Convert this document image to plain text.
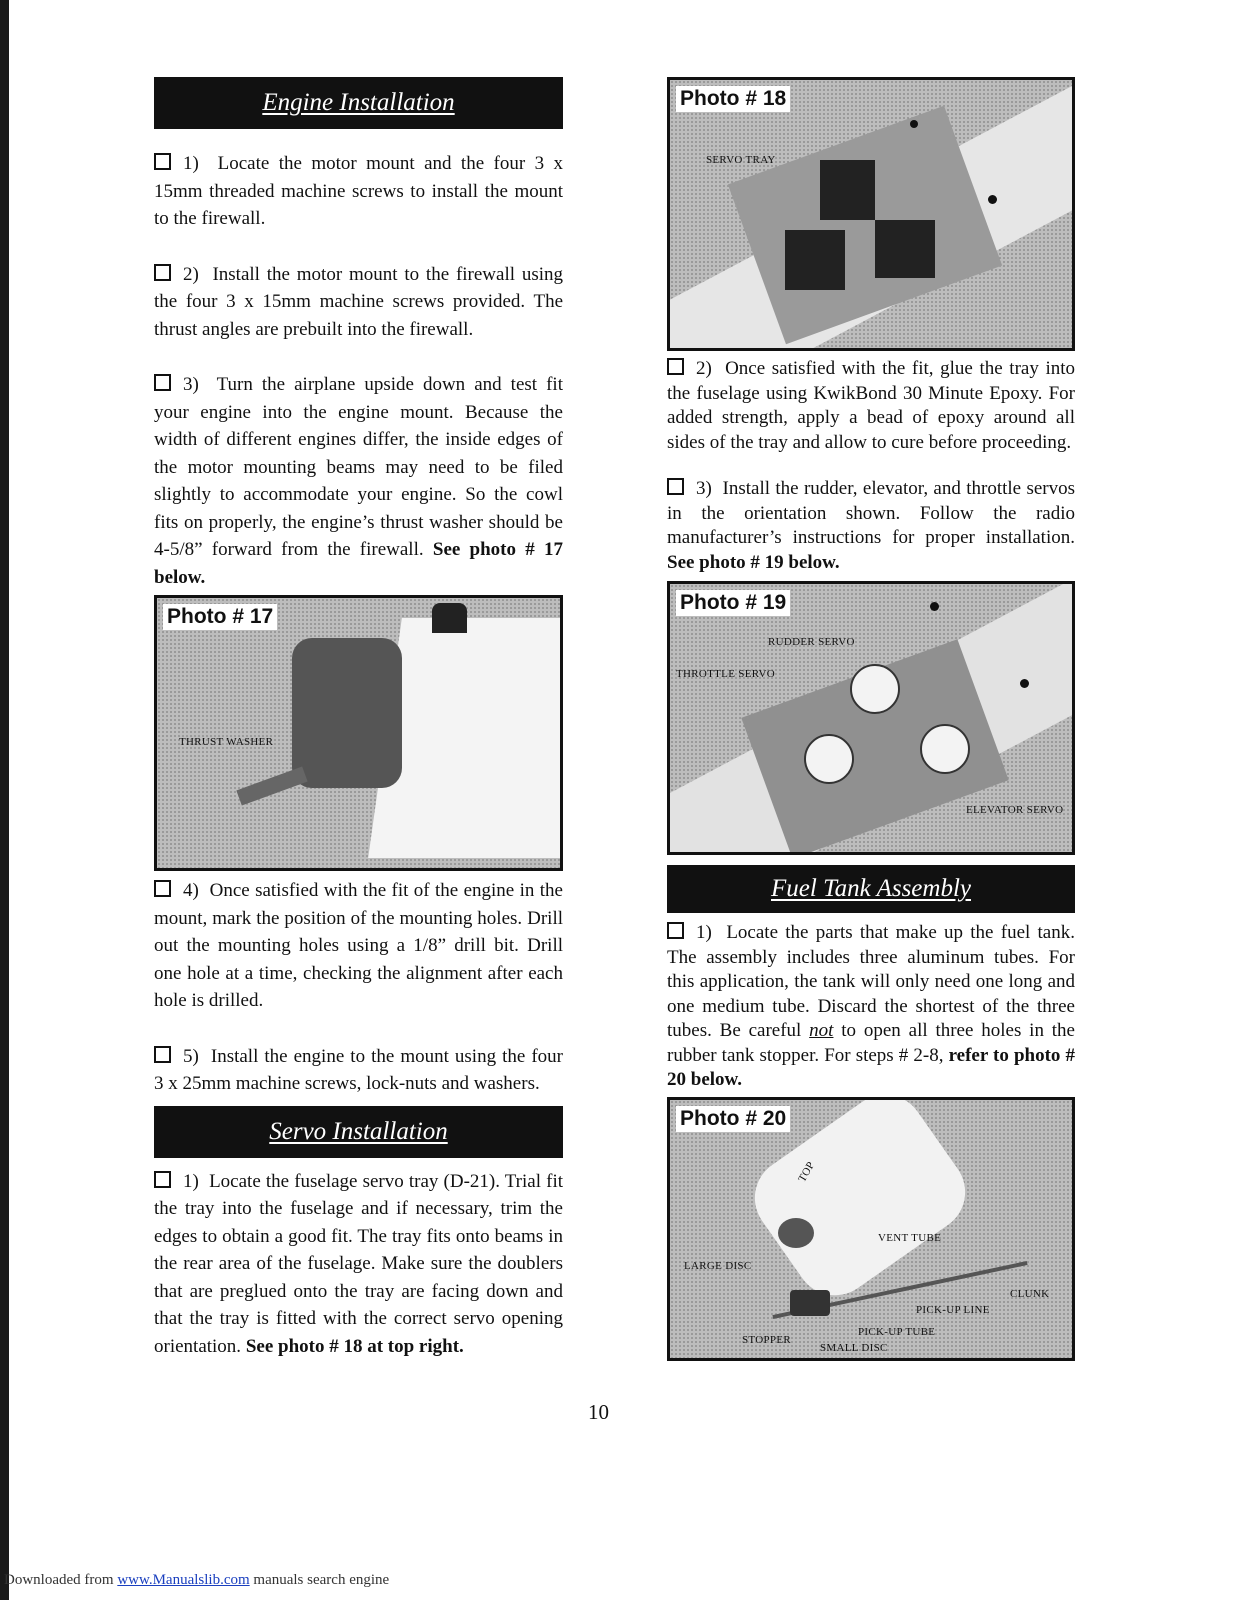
Engine Installation

1) Locate the motor mount and the four 3 x 15mm threaded machine screws to install the mount to the firewall.

2) Install the motor mount to the firewall using the four 3 x 15mm machine screws provided. The thrust angles are prebuilt into the firewall.

3) Turn the airplane upside down and test fit your engine into the engine mount. Because the width of different engines differ, the inside edges of the motor mounting beams may need to be filed slightly to accommodate your engine. So the cowl fits on properly, the engine’s thrust washer should be 4-5/8” forward from the firewall. See photo # 17 below.

Photo # 17
THRUST WASHER

4) Once satisfied with the fit of the engine in the mount, mark the position of the mounting holes. Drill out the mounting holes using a 1/8” drill bit. Drill one hole at a time, checking the alignment after each hole is drilled.

5) Install the engine to the mount using the four 3 x 25mm machine screws, lock-nuts and washers.

Servo Installation

1) Locate the fuselage servo tray (D-21). Trial fit the tray into the fuselage and if necessary, trim the edges to obtain a good fit. The tray fits onto beams in the rear area of the fuselage. Make sure the doublers that are preglued onto the tray are facing down and that the tray is fitted with the correct servo opening orientation. See photo # 18 at top right.

Photo # 18
SERVO TRAY

2) Once satisfied with the fit, glue the tray into the fuselage using KwikBond 30 Minute Epoxy. For added strength, apply a bead of epoxy around all sides of the tray and allow to cure before proceeding.

3) Install the rudder, elevator, and throttle servos in the orientation shown. Follow the radio manufacturer’s instructions for proper installation. See photo # 19 below.

Photo # 19
RUDDER SERVO
THROTTLE SERVO
ELEVATOR SERVO
Fuel Tank Assembly

1) Locate the parts that make up the fuel tank. The assembly includes three aluminum tubes. For this application, the tank will only need one long and one medium tube. Discard the shortest of the three tubes. Be careful not to open all three holes in the rubber tank stopper. For steps # 2-8, refer to photo # 20 below.

Photo # 20
TOP
VENT TUBE
LARGE DISC
CLUNK
PICK-UP LINE
PICK-UP TUBE
STOPPER
SMALL DISC
10
Downloaded from www.Manualslib.com manuals search engine
